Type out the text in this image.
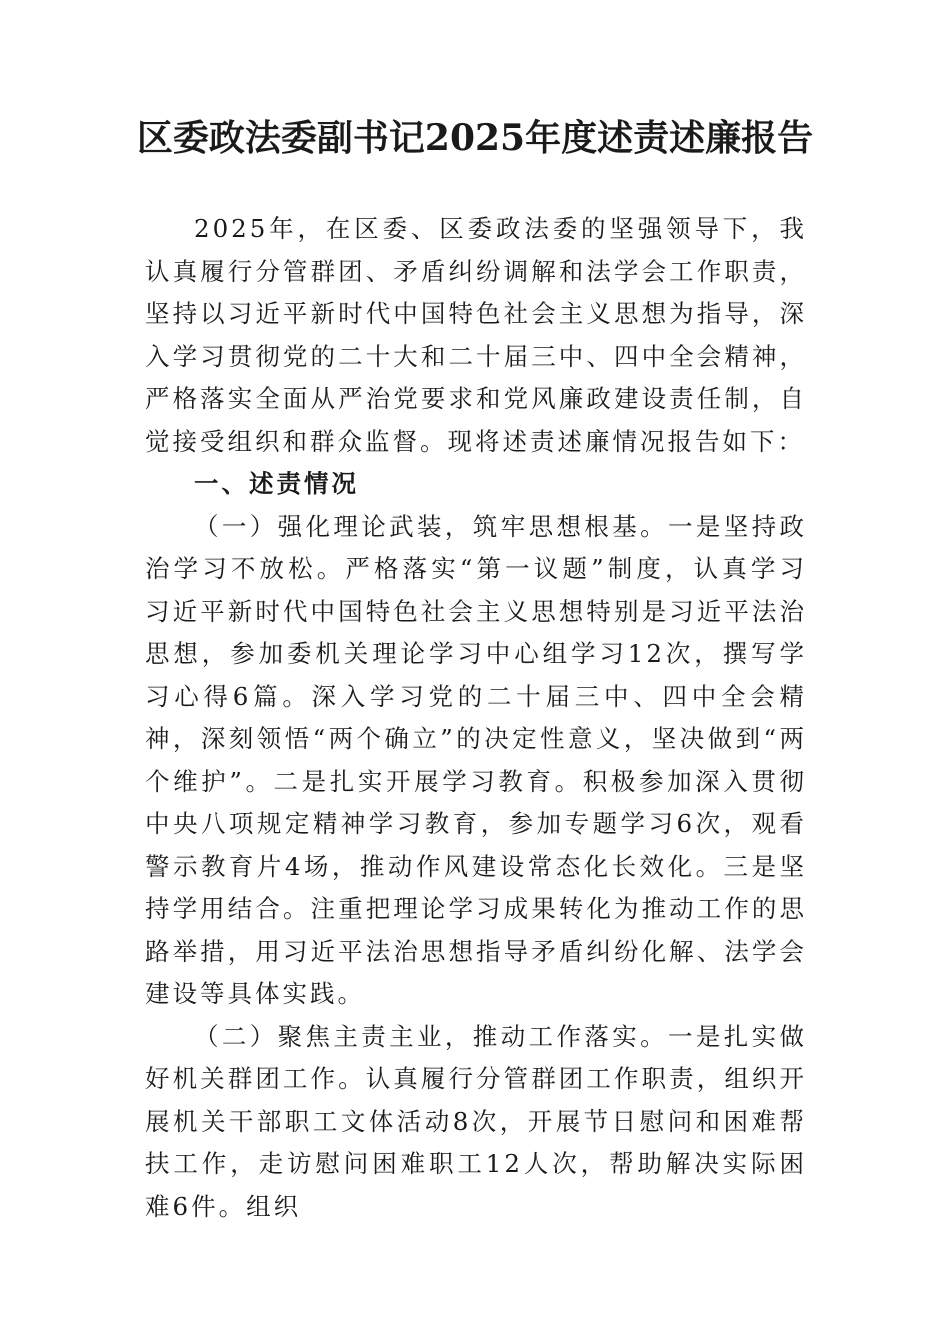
区委政法委副书记2025年度述责述廉报告

2025年，在区委、区委政法委的坚强领导下，我认真履行分管群团、矛盾纠纷调解和法学会工作职责，坚持以习近平新时代中国特色社会主义思想为指导，深入学习贯彻党的二十大和二十届三中、四中全会精神，严格落实全面从严治党要求和党风廉政建设责任制，自觉接受组织和群众监督。现将述责述廉情况报告如下：

一、述责情况

（一）强化理论武装，筑牢思想根基。一是坚持政治学习不放松。严格落实“第一议题”制度，认真学习习近平新时代中国特色社会主义思想特别是习近平法治思想，参加委机关理论学习中心组学习12次，撰写学习心得6篇。深入学习党的二十届三中、四中全会精神，深刻领悟“两个确立”的决定性意义，坚决做到“两个维护”。二是扎实开展学习教育。积极参加深入贯彻中央八项规定精神学习教育，参加专题学习6次，观看警示教育片4场，推动作风建设常态化长效化。三是坚持学用结合。注重把理论学习成果转化为推动工作的思路举措，用习近平法治思想指导矛盾纠纷化解、法学会建设等具体实践。

（二）聚焦主责主业，推动工作落实。一是扎实做好机关群团工作。认真履行分管群团工作职责，组织开展机关干部职工文体活动8次，开展节日慰问和困难帮扶工作，走访慰问困难职工12人次，帮助解决实际困难6件。组织
